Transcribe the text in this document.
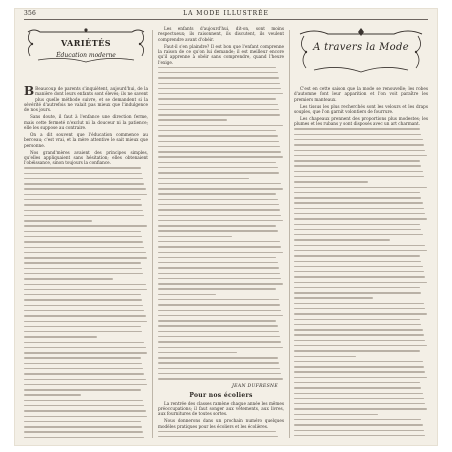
356	LA MODE ILLUSTRÉE
VARIÉTÉS
Éducation moderne

B Beaucoup de parents s'inquiètent, aujourd'hui, de la manière dont leurs enfants sont élevés; ils ne savent plus quelle méthode suivre, et se demandent si la sévérité d'autrefois ne valait pas mieux que l'indulgence de nos jours.

Sans doute, il faut à l'enfance une direction ferme, mais cette fermeté n'exclut ni la douceur ni la patience; elle les suppose au contraire.

On a dit souvent que l'éducation commence au berceau; c'est vrai, et la mère attentive le sait mieux que personne.

Nos grand'mères avaient des principes simples, qu'elles appliquaient sans hésitation; elles obtenaient l'obéissance, sinon toujours la confiance.

Les enfants d'aujourd'hui, dit-on, sont moins respectueux; ils raisonnent, ils discutent, ils veulent comprendre avant d'obéir.

Faut-il s'en plaindre? Il est bon que l'enfant comprenne la raison de ce qu'on lui demande; il est meilleur encore qu'il apprenne à obéir sans comprendre, quand l'heure l'exige.

JEAN DUFRESNE
Pour nos écoliers

La rentrée des classes ramène chaque année les mêmes préoccupations; il faut songer aux vêtements, aux livres, aux fournitures de toutes sortes.

Nous donnerons dans un prochain numéro quelques modèles pratiques pour les écoliers et les écolières.

A travers la Mode

C'est en cette saison que la mode se renouvelle; les robes d'automne font leur apparition et l'on voit paraître les premiers manteaux.

Les tissus les plus recherchés sont les velours et les draps souples, que l'on garnit volontiers de fourrure.

Les chapeaux prennent des proportions plus modestes; les plumes et les rubans y sont disposés avec un art charmant.
